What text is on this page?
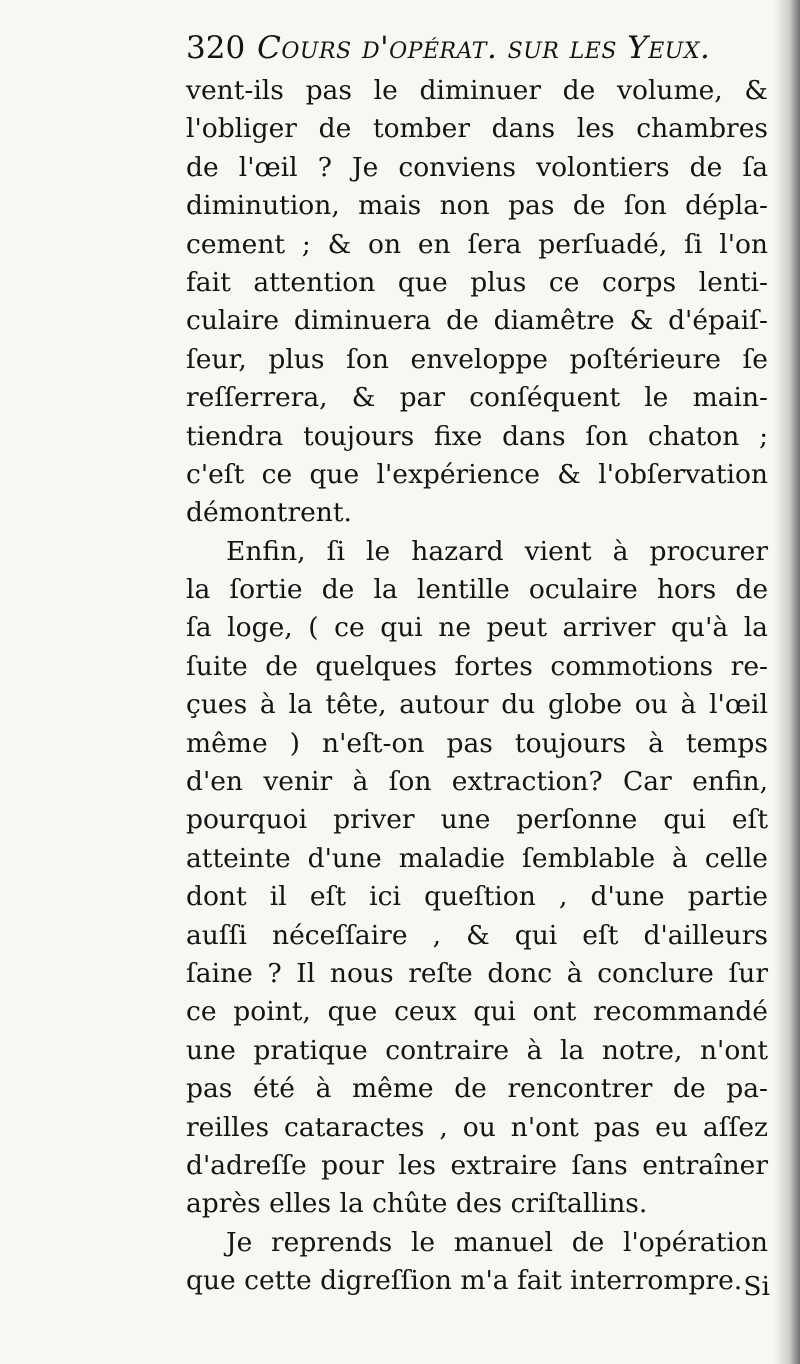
320 Cours d'opérat. sur les Yeux.
vent-ils pas le diminuer de volume, &
l'obliger de tomber dans les chambres
de l'œil ? Je conviens volontiers de ſa
diminution, mais non pas de ſon dépla-
cement ; & on en ſera perſuadé, ſi l'on
fait attention que plus ce corps lenti-
culaire diminuera de diamêtre & d'épaiſ-
ſeur, plus ſon enveloppe poſtérieure ſe
reſſerrera, & par conſéquent le main-
tiendra toujours fixe dans ſon chaton ;
c'eſt ce que l'expérience & l'obſervation
démontrent.
Enfin, ſi le hazard vient à procurer
la ſortie de la lentille oculaire hors de
ſa loge, ( ce qui ne peut arriver qu'à la
ſuite de quelques fortes commotions re-
çues à la tête, autour du globe ou à l'œil
même ) n'eſt-on pas toujours à temps
d'en venir à ſon extraction? Car enfin,
pourquoi priver une perſonne qui eſt
atteinte d'une maladie ſemblable à celle
dont il eſt ici queſtion , d'une partie
auſſi néceſſaire , & qui eſt d'ailleurs
ſaine ? Il nous reſte donc à conclure ſur
ce point, que ceux qui ont recommandé
une pratique contraire à la notre, n'ont
pas été à même de rencontrer de pa-
reilles cataractes , ou n'ont pas eu aſſez
d'adreſſe pour les extraire ſans entraîner
après elles la chûte des criſtallins.
Je reprends le manuel de l'opération
que cette digreſſion m'a fait interrompre. Si
